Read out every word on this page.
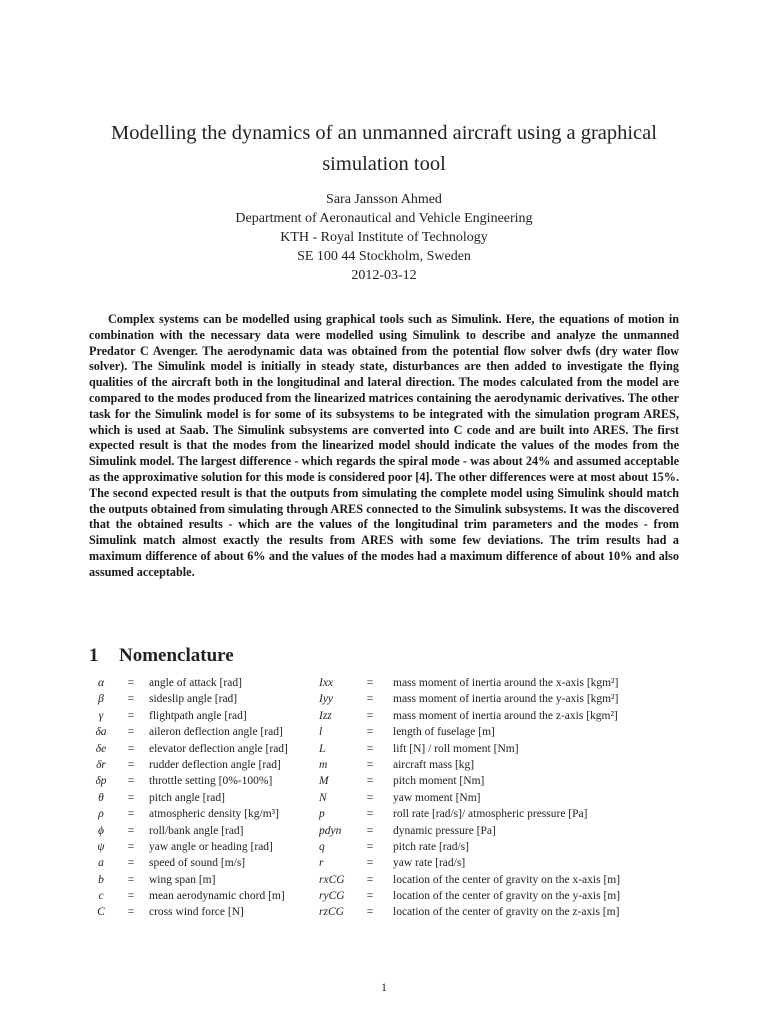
Modelling the dynamics of an unmanned aircraft using a graphical simulation tool
Sara Jansson Ahmed
Department of Aeronautical and Vehicle Engineering
KTH - Royal Institute of Technology
SE 100 44 Stockholm, Sweden
2012-03-12
Complex systems can be modelled using graphical tools such as Simulink. Here, the equations of motion in combination with the necessary data were modelled using Simulink to describe and analyze the unmanned Predator C Avenger. The aerodynamic data was obtained from the potential flow solver dwfs (dry water flow solver). The Simulink model is initially in steady state, disturbances are then added to investigate the flying qualities of the aircraft both in the longitudinal and lateral direction. The modes calculated from the model are compared to the modes produced from the linearized matrices containing the aerodynamic derivatives. The other task for the Simulink model is for some of its subsystems to be integrated with the simulation program ARES, which is used at Saab. The Simulink subsystems are converted into C code and are built into ARES. The first expected result is that the modes from the linearized model should indicate the values of the modes from the Simulink model. The largest difference - which regards the spiral mode - was about 24% and assumed acceptable as the approximative solution for this mode is considered poor [4]. The other differences were at most about 15%. The second expected result is that the outputs from simulating the complete model using Simulink should match the outputs obtained from simulating through ARES connected to the Simulink subsystems. It was the discovered that the obtained results - which are the values of the longitudinal trim parameters and the modes - from Simulink match almost exactly the results from ARES with some few deviations. The trim results had a maximum difference of about 6% and the values of the modes had a maximum difference of about 10% and also assumed acceptable.
1 Nomenclature
α	=	angle of attack [rad]
β	=	sideslip angle [rad]
γ	=	flightpath angle [rad]
δa	=	aileron deflection angle [rad]
δe	=	elevator deflection angle [rad]
δr	=	rudder deflection angle [rad]
δp	=	throttle setting [0%-100%]
θ	=	pitch angle [rad]
ρ	=	atmospheric density [kg/m³]
ϕ	=	roll/bank angle [rad]
ψ	=	yaw angle or heading [rad]
a	=	speed of sound [m/s]
b	=	wing span [m]
c	=	mean aerodynamic chord [m]
C	=	cross wind force [N]
Ixx	=	mass moment of inertia around the x-axis [kgm²]
Iyy	=	mass moment of inertia around the y-axis [kgm²]
Izz	=	mass moment of inertia around the z-axis [kgm²]
l	=	length of fuselage [m]
L	=	lift [N] / roll moment [Nm]
m	=	aircraft mass [kg]
M	=	pitch moment [Nm]
N	=	yaw moment [Nm]
p	=	roll rate [rad/s]/ atmospheric pressure [Pa]
pdyn	=	dynamic pressure [Pa]
q	=	pitch rate [rad/s]
r	=	yaw rate [rad/s]
rxCG	=	location of the center of gravity on the x-axis [m]
ryCG	=	location of the center of gravity on the y-axis [m]
rzCG	=	location of the center of gravity on the z-axis [m]
1
